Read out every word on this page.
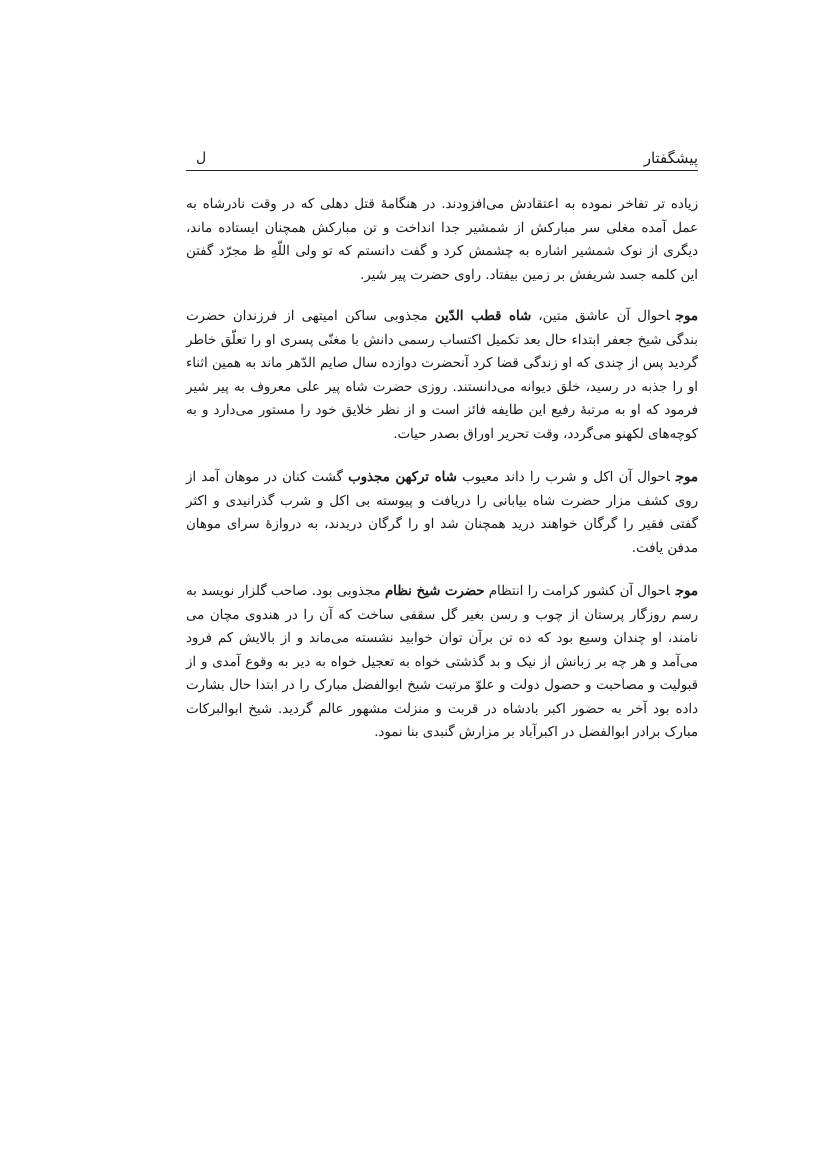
پیشگفتار
ل

زیاده تر تفاخر نموده به اعتقادش می‌افزودند. در هنگامهٔ قتل دهلی که در وقت نادرشاه به عمل آمده مغلی سر مبارکش از شمشیر جدا انداخت و تن مبارکش همچنان ایستاده ماند، دیگری از نوک شمشیر اشاره به چشمش کرد و گفت دانستم که تو ولی اللّهِ ظ مجرّد گفتن این کلمه جسد شریفش بر زمین بیفتاد. راوی حضرت پیر شیر.

موجاحوال آن عاشق متین، شاه قطب الدّین مجذوبی ساکن امیتهی از فرزندان حضرت بندگی شیخ جعفر ابتداء حال بعد تکمیل اکتساب رسمی دانش با مغنّی پسری او را تعلّق خاطر گردید پس از چندی که او زندگی قضا کرد آنحضرت دوازده سال صایم الدّهر ماند به همین اثناء او را جذبه در رسید، خلق دیوانه می‌دانستند. روزی حضرت شاه پیر علی معروف به پیر شیر فرمود که او به مرتبهٔ رفیع این طایفه فائز است و از نظر خلایق خود را مستور می‌دارد و به کوچه‌های لکهنو می‌گردد، وقت تحریر اوراق بصدر حیات.

موجاحوال آن اکل و شرب را داند معیوب شاه ترکهن مجذوب گشت کنان در موهان آمد از روی کشف مزار حضرت شاه بیابانی را دریافت و پیوسته بی اکل و شرب گذرانیدی و اکثر گفتی فقیر را گرگان خواهند درید همچنان شد او را گرگان دریدند، به دروازهٔ سرای موهان مدفن یافت.

موجاحوال آن کشور کرامت را انتظام حضرت شیخ نظام مجذوبی بود. صاحب گلزار نویسد به رسم روزگار پرستان از چوب و رسن بغیر گل سقفی ساخت که آن را در هندوی مچان می نامند، او چندان وسیع بود که ده تن برآن توان خوابید نشسته می‌ماند و از بالایش کم فرود می‌آمد و هر چه بر زبانش از نیک و بد گذشتی خواه به تعجیل خواه به دیر به وقوع آمدی و از قبولیت و مصاحبت و حصول دولت و علوّ مرتبت شیخ ابوالفضل مبارک را در ابتدا حال بشارت داده بود آخر به حضور اکبر بادشاه در قربت و منزلت مشهور عالم گردید. شیخ ابوالبرکات مبارک برادر ابوالفضل در اکبرآباد بر مزارش گنبدی بنا نمود.
